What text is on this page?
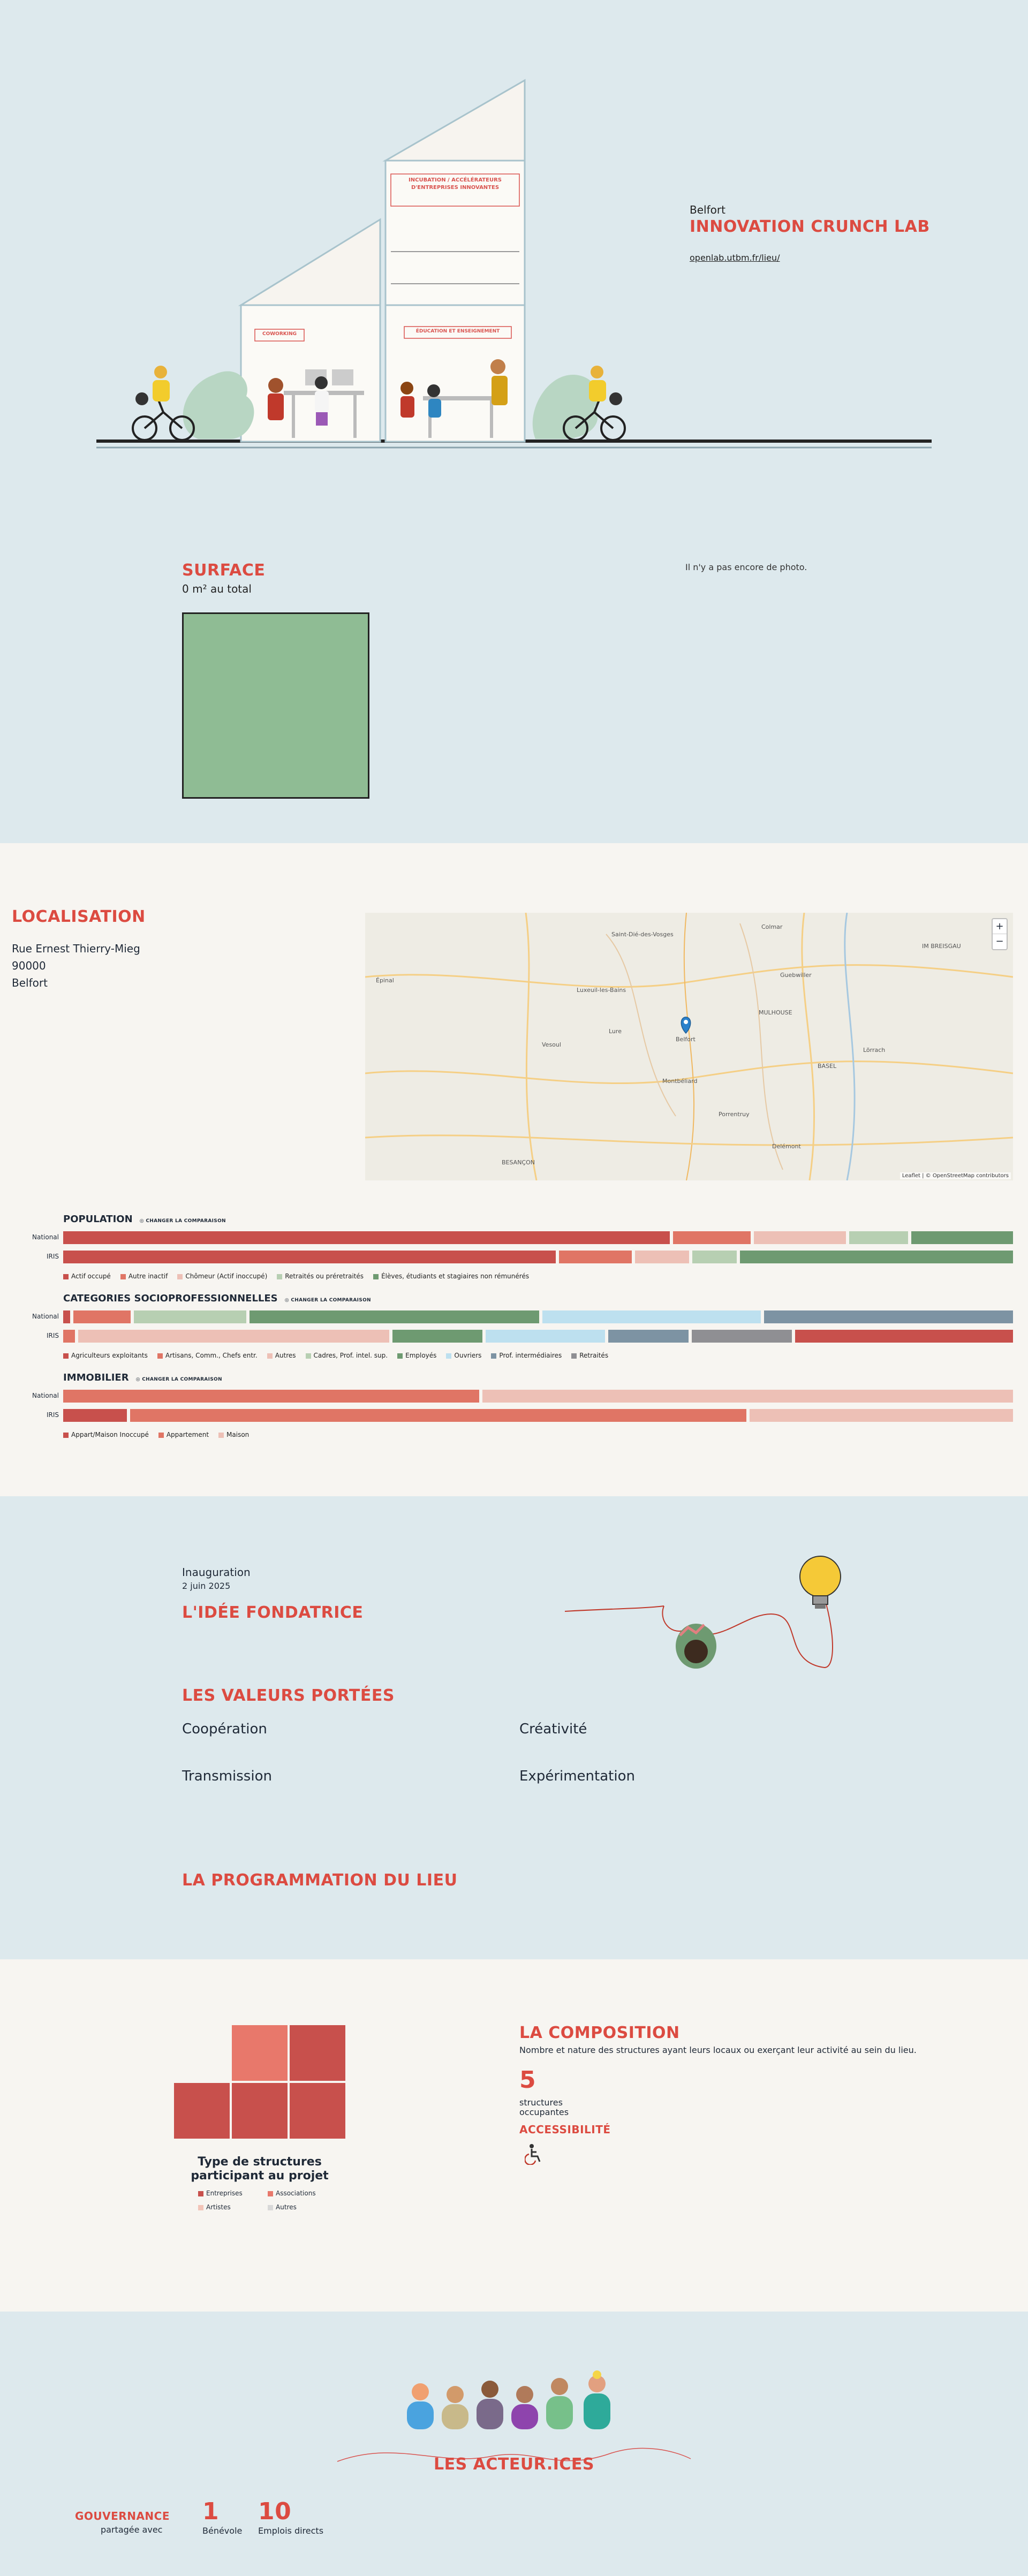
INCUBATION / ACCÉLÉRATEURS D'ENTREPRISES INNOVANTES
COWORKING	ÉDUCATION ET ENSEIGNEMENT
Belfort
INNOVATION CRUNCH LAB
openlab.utbm.fr/lieu/
SURFACE
0 m² au total
Il n'y a pas encore de photo.
LOCALISATION
Rue Ernest Thierry-Mieg
90000
Belfort
Saint-Dié-des-Vosges
Colmar
MULHOUSE
IM BREISGAU
BASEL
Belfort
Montbéliard
Épinal
Lure
Vesoul
Luxeuil-les-Bains
Lörrach
Delémont
Porrentruy
BESANÇON
Guebwiller
+
−
Leaflet | © OpenStreetMap contributors
POPULATION ◎ CHANGER LA COMPARAISON
National
IRIS
Actif occupé	Autre inactif	Chômeur (Actif inoccupé)	Retraités ou préretraités	Élèves, étudiants et stagiaires non rémunérés
CATEGORIES SOCIOPROFESSIONNELLES ◎ CHANGER LA COMPARAISON
National
IRIS
Agriculteurs exploitants	Artisans, Comm., Chefs entr.	Autres	Cadres, Prof. intel. sup.	Employés	Ouvriers	Prof. intermédiaires	Retraités
IMMOBILIER ◎ CHANGER LA COMPARAISON
National
IRIS
Appart/Maison Inoccupé	Appartement	Maison
Inauguration
2 juin 2025
L'IDÉE FONDATRICE
LES VALEURS PORTÉES
Coopération	Créativité
Transmission	Expérimentation
LA PROGRAMMATION DU LIEU
Type de structures
participant au projet
Entreprises	Associations
Artistes	Autres
LA COMPOSITION
Nombre et nature des structures ayant leurs locaux ou exerçant leur activité au sein du lieu.
5
structures
occupantes
ACCESSIBILITÉ
LES ACTEUR.ICES
GOUVERNANCE
partagée avec
1
Bénévole
10
Emplois directs
